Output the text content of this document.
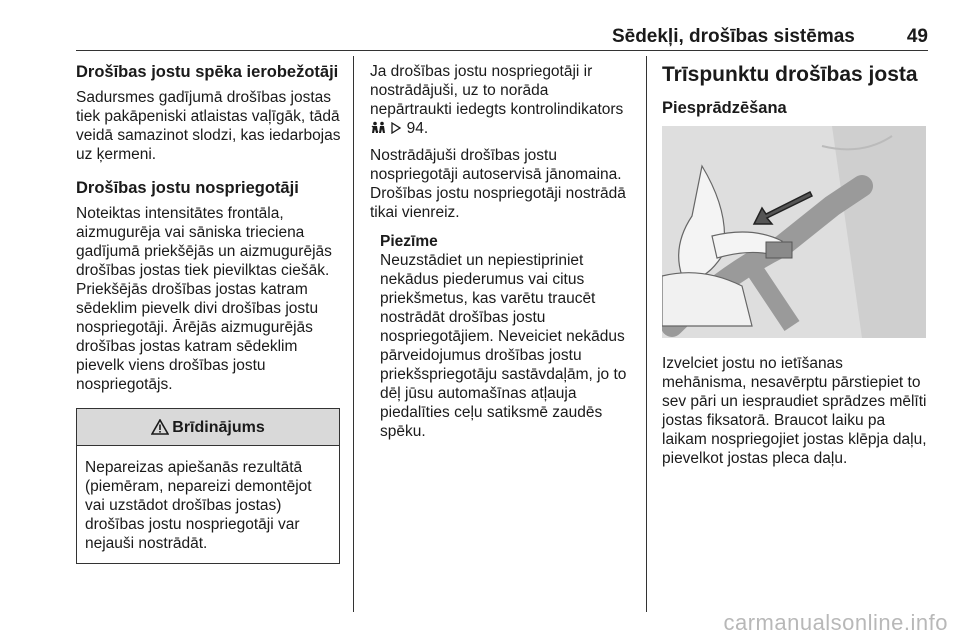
Sēdekļi, drošības sistēmas	49
Drošības jostu spēka ierobežotāji

Sadursmes gadījumā drošības jostas tiek pakāpeniski atlaistas vaļīgāk, tādā veidā samazinot slodzi, kas iedarbojas uz ķermeni.

Drošības jostu nospriegotāji

Noteiktas intensitātes frontāla, aizmugurēja vai sāniska trieciena gadījumā priekšējās un aizmugurējās drošības jostas tiek pievilktas ciešāk. Priekšējās drošības jostas katram sēdeklim pievelk divi drošības jostu nospriegotāji. Ārējās aizmugurējās drošības jostas katram sēdeklim pievelk viens drošības jostu nospriegotājs.

Brīdinājums
Nepareizas apiešanās rezultātā (piemēram, nepareizi demontējot vai uzstādot drošības jostas) drošības jostu nospriegotāji var nejauši nostrādāt.

Ja drošības jostu nospriegotāji ir nostrādājuši, uz to norāda nepārtraukti iedegts kontrolindikators   94.

Nostrādājuši drošības jostu nospriegotāji autoservisā jānomaina. Drošības jostu nospriegotāji nostrādā tikai vienreiz.

Piezīme
Neuzstādiet un nepiestipriniet nekādus piederumus vai citus priekšmetus, kas varētu traucēt nostrādāt drošības jostu nospriegotājiem. Neveiciet nekādus pārveidojumus drošības jostu priekšspriegotāju sastāvdaļām, jo to dēļ jūsu automašīnas atļauja piedalīties ceļu satiksmē zaudēs spēku.
Trīspunktu drošības josta
Piesprādzēšana

Izvelciet jostu no ietīšanas mehānisma, nesavērptu pārstiepiet to sev pāri un iespraudiet sprādzes mēlīti jostas fiksatorā. Braucot laiku pa laikam nospriegojiet jostas klēpja daļu, pievelkot jostas pleca daļu.

carmanualsonline.info
